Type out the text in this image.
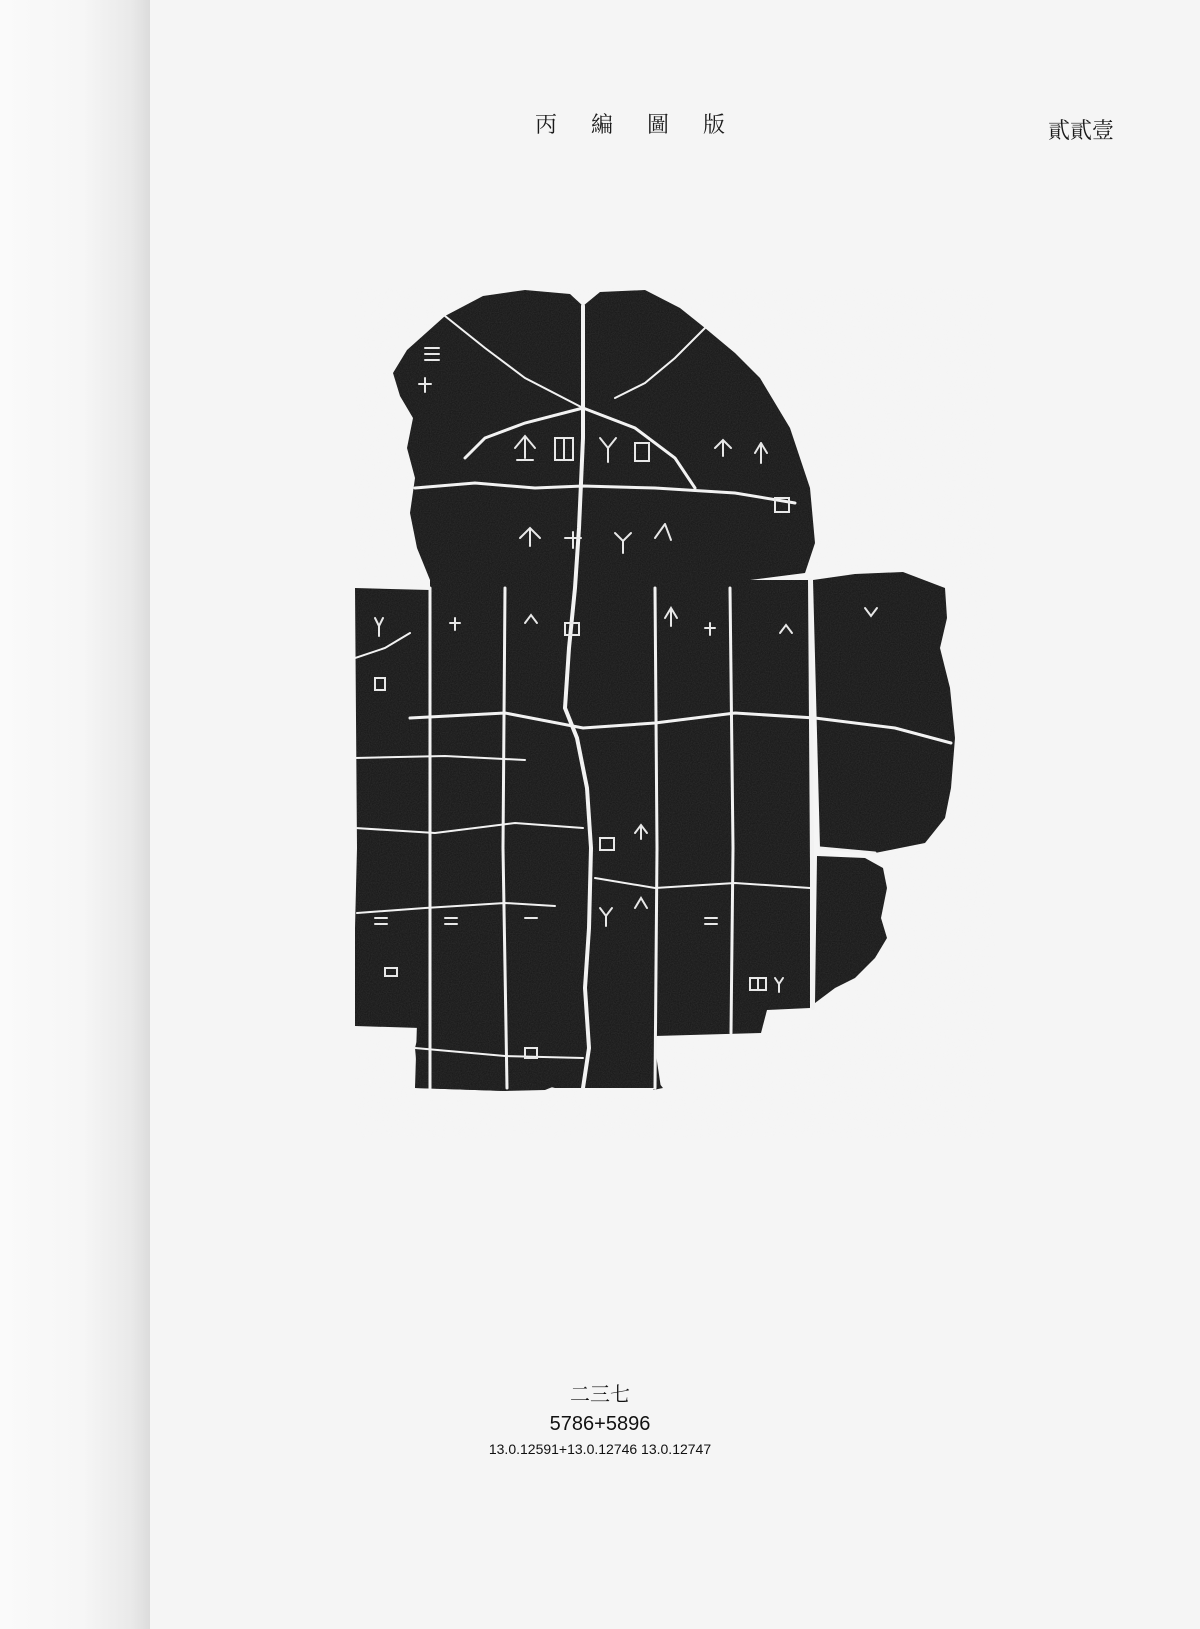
丙編圖版	貳貳壹
二三七
5786+5896
13.0.12591+13.0.12746 13.0.12747
